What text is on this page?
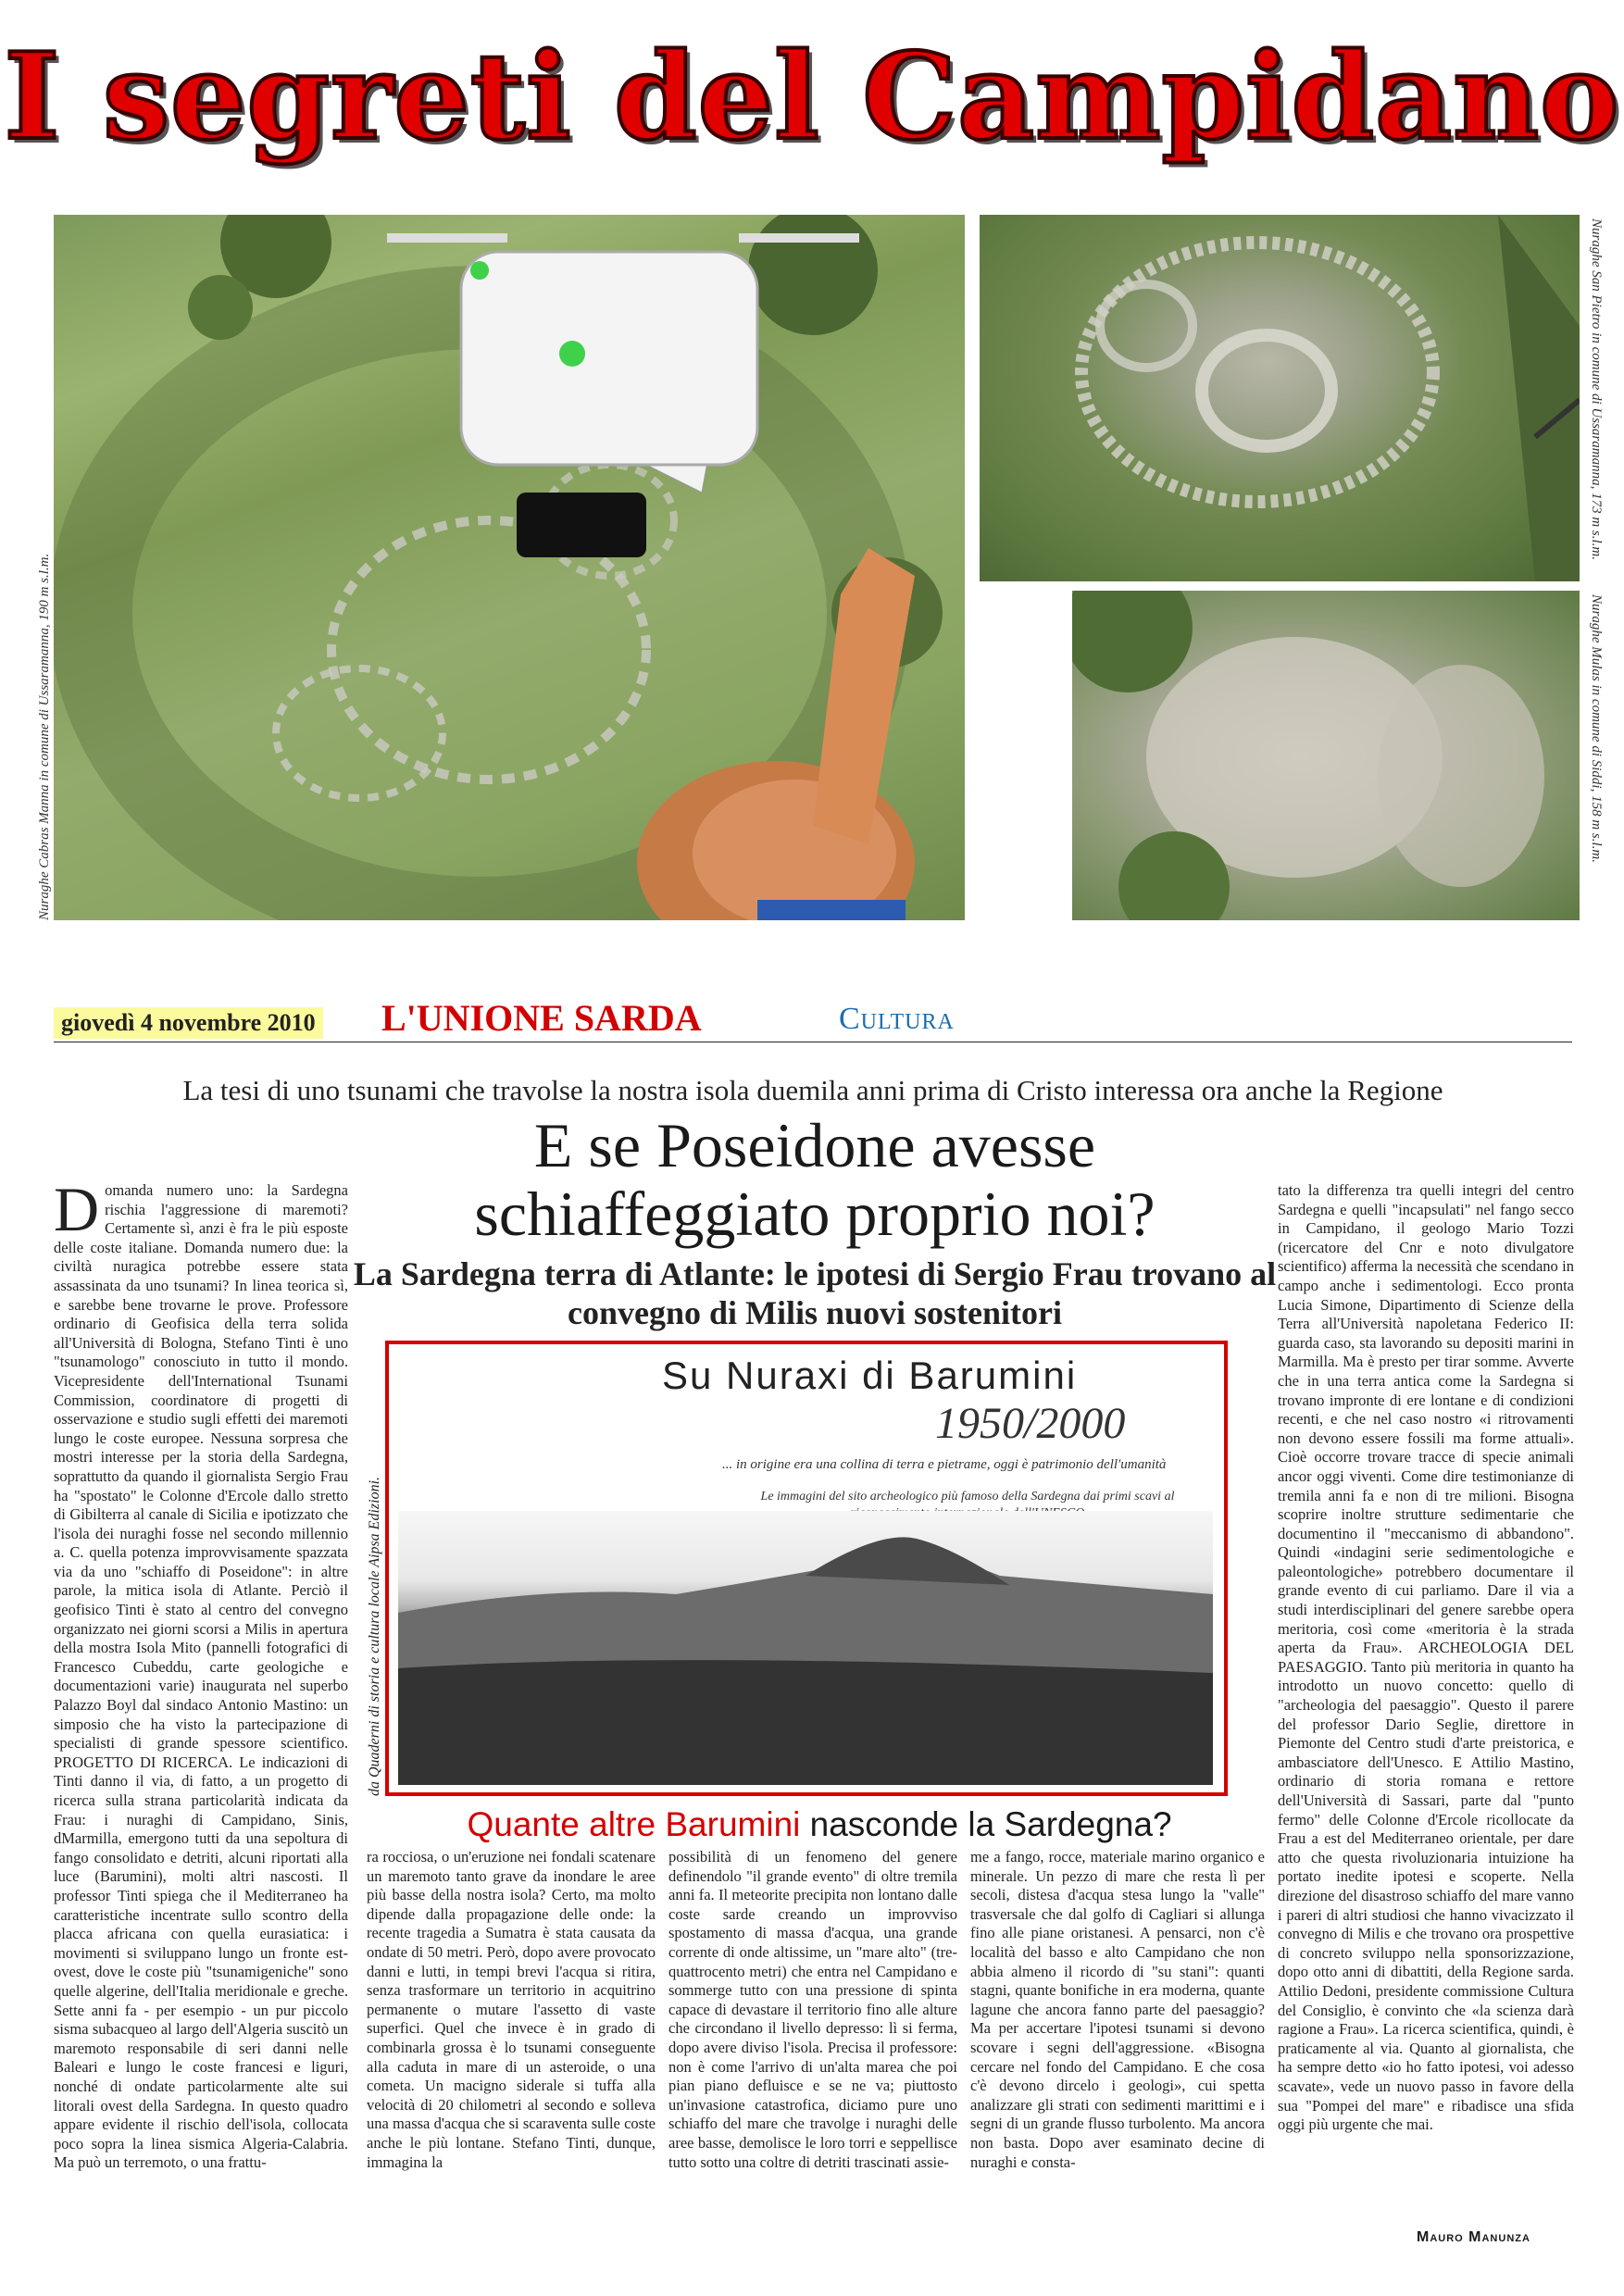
I segreti del Campidano
Nuraghe Cabras Manna in comune di Ussaramanna, 190 m s.l.m.
Nuraghe San Pietro in comune di Ussaramanna, 173 m s.l.m.
Nuraghe Mulas in comune di Siddi, 158 m s.l.m.
giovedì 4 novembre 2010 L'UNIONE SARDA	Cultura
La tesi di uno tsunami che travolse la nostra isola duemila anni prima di Cristo interessa ora anche la Regione
E se Poseidone avesse schiaffeggiato proprio noi?
La Sardegna terra di Atlante: le ipotesi di Sergio Frau trovano al convegno di Milis nuovi sostenitori
Domanda numero uno: la Sardegna rischia l'aggressione di maremoti? Certamente sì, anzi è fra le più esposte delle coste italiane. Domanda numero due: la civiltà nuragica potrebbe essere stata assassinata da uno tsunami? In linea teorica sì, e sarebbe bene trovarne le prove. Professore ordinario di Geofisica della terra solida all'Università di Bologna, Stefano Tinti è uno "tsunamologo" conosciuto in tutto il mondo. Vicepresidente dell'International Tsunami Commission, coordinatore di progetti di osservazione e studio sugli effetti dei maremoti lungo le coste europee. Nessuna sorpresa che mostri interesse per la storia della Sardegna, soprattutto da quando il giornalista Sergio Frau ha "spostato" le Colonne d'Ercole dallo stretto di Gibilterra al canale di Sicilia e ipotizzato che l'isola dei nuraghi fosse nel secondo millennio a. C. quella potenza improvvisamente spazzata via da uno "schiaffo di Poseidone": in altre parole, la mitica isola di Atlante. Perciò il geofisico Tinti è stato al centro del convegno organizzato nei giorni scorsi a Milis in apertura della mostra Isola Mito (pannelli fotografici di Francesco Cubeddu, carte geologiche e documentazioni varie) inaugurata nel superbo Palazzo Boyl dal sindaco Antonio Mastino: un simposio che ha visto la partecipazione di specialisti di grande spessore scientifico. PROGETTO DI RICERCA. Le indicazioni di Tinti danno il via, di fatto, a un progetto di ricerca sulla strana particolarità indicata da Frau: i nuraghi di Campidano, Sinis, dMarmilla, emergono tutti da una sepoltura di fango consolidato e detriti, alcuni riportati alla luce (Barumini), molti altri nascosti. Il professor Tinti spiega che il Mediterraneo ha caratteristiche incentrate sullo scontro della placca africana con quella eurasiatica: i movimenti si sviluppano lungo un fronte est-ovest, dove le coste più "tsunamigeniche" sono quelle algerine, dell'Italia meridionale e greche. Sette anni fa - per esempio - un pur piccolo sisma subacqueo al largo dell'Algeria suscitò un maremoto responsabile di seri danni nelle Baleari e lungo le coste francesi e liguri, nonché di ondate particolarmente alte sui litorali ovest della Sardegna. In questo quadro appare evidente il rischio dell'isola, collocata poco sopra la linea sismica Algeria-Calabria. Ma può un terremoto, o una frattu-
ra rocciosa, o un'eruzione nei fondali scatenare un maremoto tanto grave da inondare le aree più basse della nostra isola? Certo, ma molto dipende dalla propagazione delle onde: la recente tragedia a Sumatra è stata causata da ondate di 50 metri. Però, dopo avere provocato danni e lutti, in tempi brevi l'acqua si ritira, senza trasformare un territorio in acquitrino permanente o mutare l'assetto di vaste superfici. Quel che invece è in grado di combinarla grossa è lo tsunami conseguente alla caduta in mare di un asteroide, o una cometa. Un macigno siderale si tuffa alla velocità di 20 chilometri al secondo e solleva una massa d'acqua che si scaraventa sulle coste anche le più lontane. Stefano Tinti, dunque, immagina la
possibilità di un fenomeno del genere definendolo "il grande evento" di oltre tremila anni fa. Il meteorite precipita non lontano dalle coste sarde creando un improvviso spostamento di massa d'acqua, una grande corrente di onde altissime, un "mare alto" (tre-quattrocento metri) che entra nel Campidano e sommerge tutto con una pressione di spinta capace di devastare il territorio fino alle alture che circondano il livello depresso: lì si ferma, dopo avere diviso l'isola. Precisa il professore: non è come l'arrivo di un'alta marea che poi pian piano defluisce e se ne va; piuttosto un'invasione catastrofica, diciamo pure uno schiaffo del mare che travolge i nuraghi delle aree basse, demolisce le loro torri e seppellisce tutto sotto una coltre di detriti trascinati assie-
me a fango, rocce, materiale marino organico e minerale. Un pezzo di mare che resta lì per secoli, distesa d'acqua stesa lungo la "valle" trasversale che dal golfo di Cagliari si allunga fino alle piane oristanesi. A pensarci, non c'è località del basso e alto Campidano che non abbia almeno il ricordo di "su stani": quanti stagni, quante bonifiche in era moderna, quante lagune che ancora fanno parte del paesaggio? Ma per accertare l'ipotesi tsunami si devono scovare i segni dell'aggressione. «Bisogna cercare nel fondo del Campidano. E che cosa c'è devono dircelo i geologi», cui spetta analizzare gli strati con sedimenti marittimi e i segni di un grande flusso turbolento. Ma ancora non basta. Dopo aver esaminato decine di nuraghi e consta-
tato la differenza tra quelli integri del centro Sardegna e quelli "incapsulati" nel fango secco in Campidano, il geologo Mario Tozzi (ricercatore del Cnr e noto divulgatore scientifico) afferma la necessità che scendano in campo anche i sedimentologi. Ecco pronta Lucia Simone, Dipartimento di Scienze della Terra all'Università napoletana Federico II: guarda caso, sta lavorando su depositi marini in Marmilla. Ma è presto per tirar somme. Avverte che in una terra antica come la Sardegna si trovano impronte di ere lontane e di condizioni recenti, e che nel caso nostro «i ritrovamenti non devono essere fossili ma forme attuali». Cioè occorre trovare tracce di specie animali ancor oggi viventi. Come dire testimonianze di tremila anni fa e non di tre milioni. Bisogna scoprire inoltre strutture sedimentarie che documentino il "meccanismo di abbandono". Quindi «indagini serie sedimentologiche e paleontologiche» potrebbero documentare il grande evento di cui parliamo. Dare il via a studi interdisciplinari del genere sarebbe opera meritoria, così come «meritoria è la strada aperta da Frau». ARCHEOLOGIA DEL PAESAGGIO. Tanto più meritoria in quanto ha introdotto un nuovo concetto: quello di "archeologia del paesaggio". Questo il parere del professor Dario Seglie, direttore in Piemonte del Centro studi d'arte preistorica, e ambasciatore dell'Unesco. E Attilio Mastino, ordinario di storia romana e rettore dell'Università di Sassari, parte dal "punto fermo" delle Colonne d'Ercole ricollocate da Frau a est del Mediterraneo orientale, per dare atto che questa rivoluzionaria intuizione ha portato inedite ipotesi e scoperte. Nella direzione del disastroso schiaffo del mare vanno i pareri di altri studiosi che hanno vivacizzato il convegno di Milis e che trovano ora prospettive di concreto sviluppo nella sponsorizzazione, dopo otto anni di dibattiti, della Regione sarda. Attilio Dedoni, presidente commissione Cultura del Consiglio, è convinto che «la scienza darà ragione a Frau». La ricerca scientifica, quindi, è praticamente al via. Quanto al giornalista, che ha sempre detto «io ho fatto ipotesi, voi adesso scavate», vede un nuovo passo in favore della sua "Pompei del mare" e ribadisce una sfida oggi più urgente che mai.
Su Nuraxi di Barumini
1950/2000
... in origine era una collina di terra e pietrame, oggi è patrimonio dell'umanità
Le immagini del sito archeologico più famoso della Sardegna dai primi scavi al
da Quaderni di storia e cultura locale Aipsa Edizioni.
Quante altre Barumini nasconde la Sardegna?
Mauro Manunza
